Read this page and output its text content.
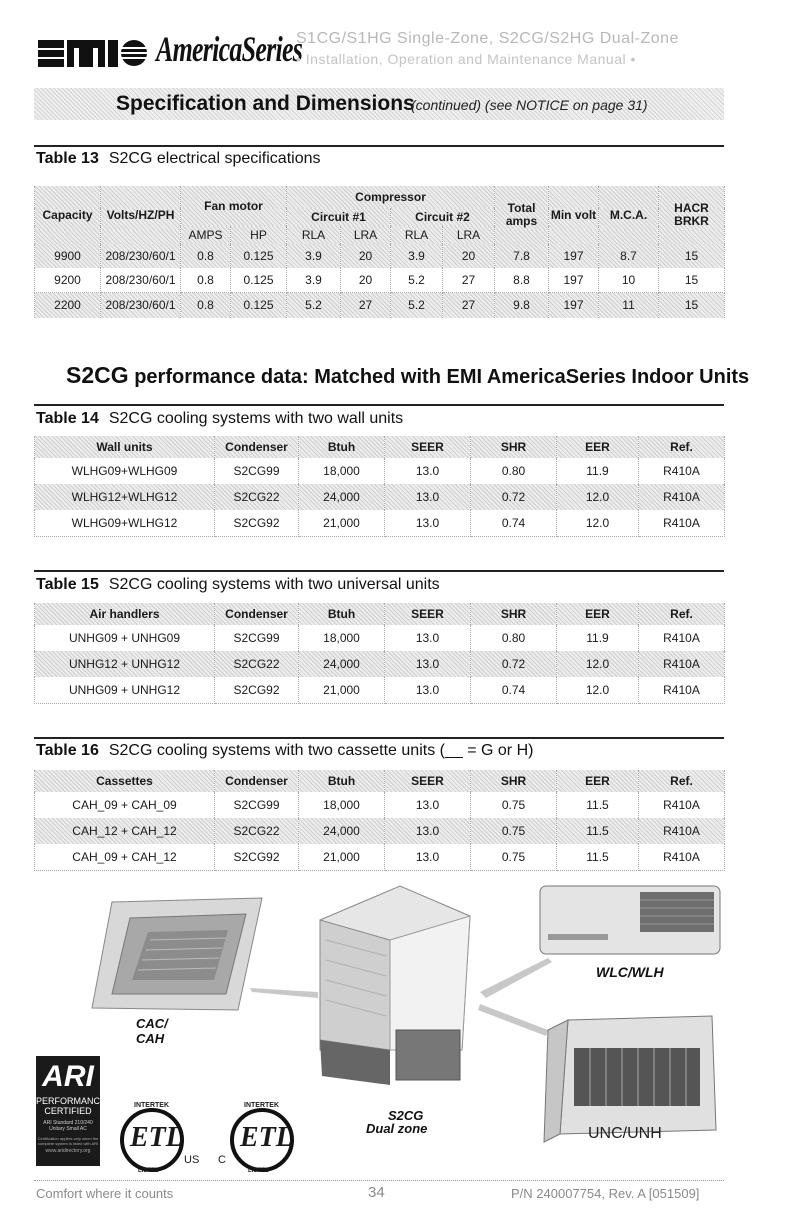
AmericaSeries
S1CG/S1HG Single-Zone, S2CG/S2HG Dual-Zone
• Installation, Operation and Maintenance Manual •
Specification and Dimensions
(continued) (see NOTICE on page 31)
Table 13 S2CG electrical specifications
Capacity	Volts/HZ/PH	Fan motor		Compressor				Total amps	Min volt	M.C.A.	HACR BRKR
				Circuit #1		Circuit #2					
		AMPS	HP	RLA	LRA	RLA	LRA				
9900	208/230/60/1	0.8	0.125	3.9	20	3.9	20	7.8	197	8.7	15
9200	208/230/60/1	0.8	0.125	3.9	20	5.2	27	8.8	197	10	15
2200	208/230/60/1	0.8	0.125	5.2	27	5.2	27	9.8	197	11	15
S2CG performance data: Matched with EMI AmericaSeries Indoor Units
Table 14 S2CG cooling systems with two wall units
Wall units	Condenser	Btuh	SEER	SHR	EER	Ref.
WLHG09+WLHG09	S2CG99	18,000	13.0	0.80	11.9	R410A
WLHG12+WLHG12	S2CG22	24,000	13.0	0.72	12.0	R410A
WLHG09+WLHG12	S2CG92	21,000	13.0	0.74	12.0	R410A
Table 15 S2CG cooling systems with two universal units
Air handlers	Condenser	Btuh	SEER	SHR	EER	Ref.
UNHG09 + UNHG09	S2CG99	18,000	13.0	0.80	11.9	R410A
UNHG12 + UNHG12	S2CG22	24,000	13.0	0.72	12.0	R410A
UNHG09 + UNHG12	S2CG92	21,000	13.0	0.74	12.0	R410A
Table 16 S2CG cooling systems with two cassette units (__ = G or H)
Cassettes	Condenser	Btuh	SEER	SHR	EER	Ref.
CAH_09 + CAH_09	S2CG99	18,000	13.0	0.75	11.5	R410A
CAH_12 + CAH_12	S2CG22	24,000	13.0	0.75	11.5	R410A
CAH_09 + CAH_12	S2CG92	21,000	13.0	0.75	11.5	R410A
CAC/
CAH
S2CG
Dual zone
WLC/WLH
UNC/UNH
ARI
PERFORMANCE
CERTIFIED
ARI Standard 210/240
Unitary Small AC
Certification applies only when the
complete system is listed with ARI
www.aridirectory.org
INTERTEK
ETL
US
LISTED
INTERTEK
ETL
C
LISTED
Comfort where it counts	34	P/N 240007754, Rev. A [051509]
